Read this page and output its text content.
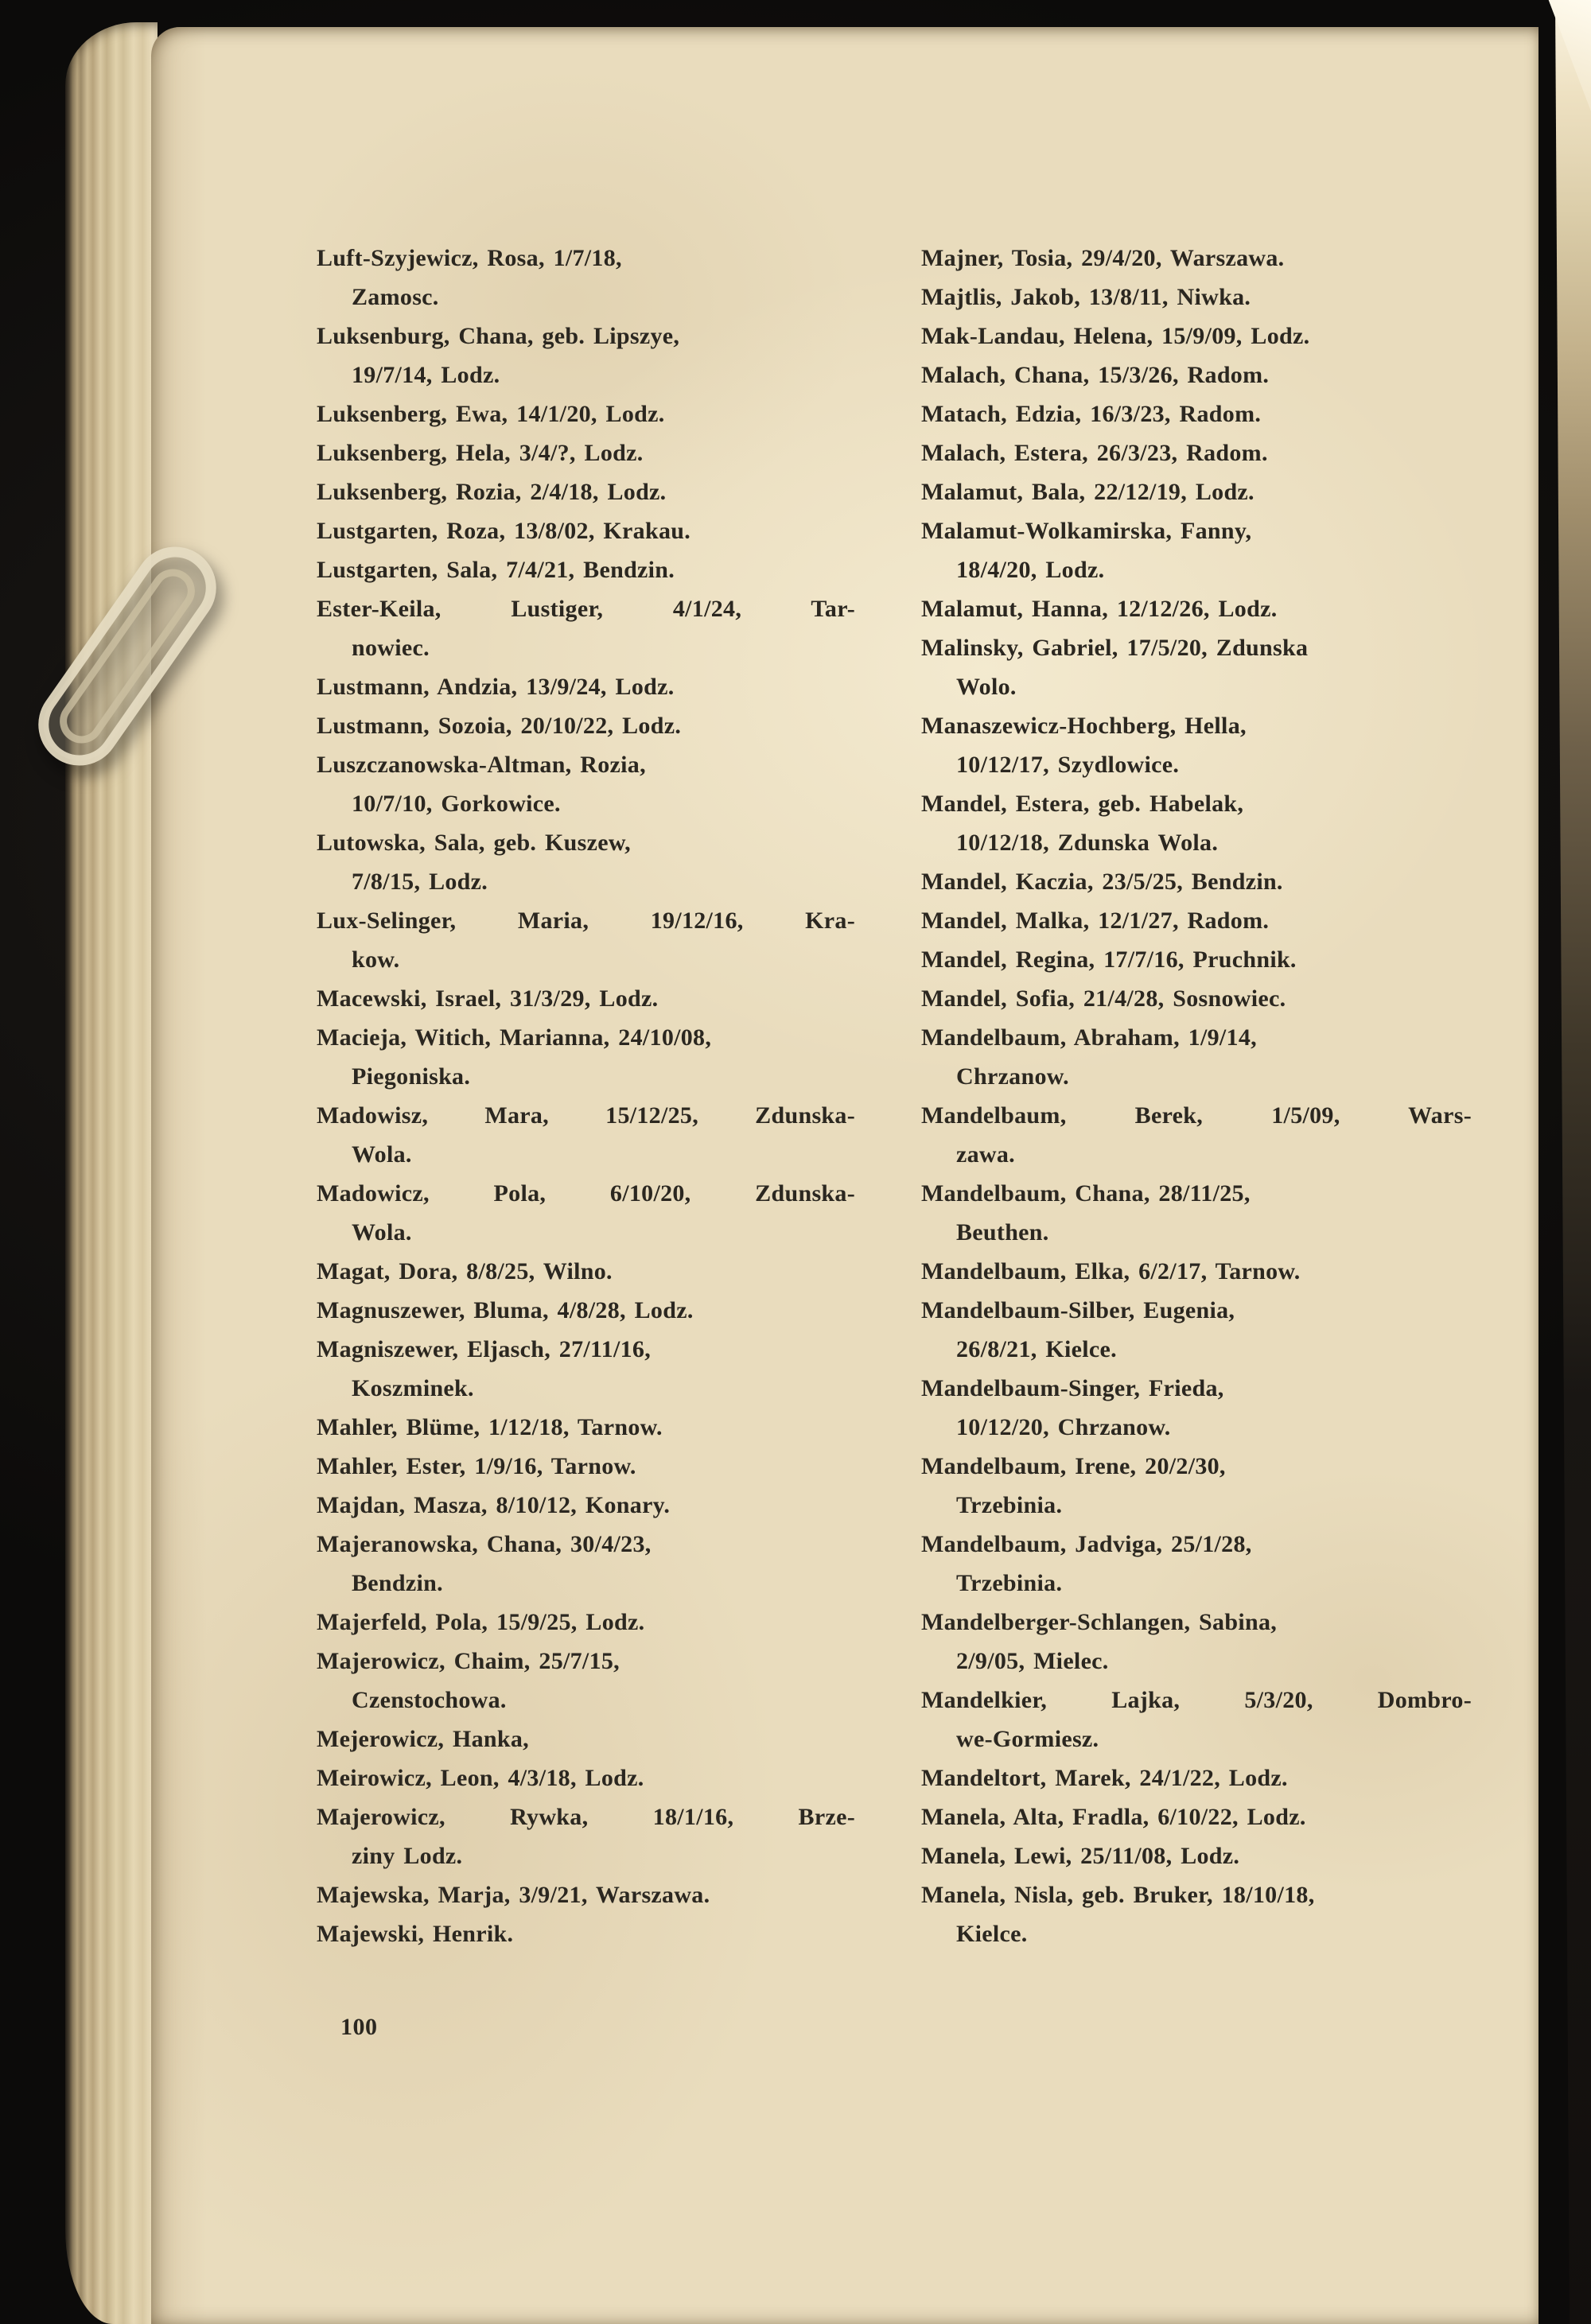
Luft-Szyjewicz, Rosa, 1/7/18,
Zamosc.
Luksenburg, Chana, geb. Lipszye,
19/7/14, Lodz.
Luksenberg, Ewa, 14/1/20, Lodz.
Luksenberg, Hela, 3/4/?, Lodz.
Luksenberg, Rozia, 2/4/18, Lodz.
Lustgarten, Roza, 13/8/02, Krakau.
Lustgarten, Sala, 7/4/21, Bendzin.
Ester-Keila, Lustiger, 4/1/24, Tar-
nowiec.
Lustmann, Andzia, 13/9/24, Lodz.
Lustmann, Sozoia, 20/10/22, Lodz.
Luszczanowska-Altman, Rozia,
10/7/10, Gorkowice.
Lutowska, Sala, geb. Kuszew,
7/8/15, Lodz.
Lux-Selinger, Maria, 19/12/16, Kra-
kow.
Macewski, Israel, 31/3/29, Lodz.
Macieja, Witich, Marianna, 24/10/08,
Piegoniska.
Madowisz, Mara, 15/12/25, Zdunska-
Wola.
Madowicz, Pola, 6/10/20, Zdunska-
Wola.
Magat, Dora, 8/8/25, Wilno.
Magnuszewer, Bluma, 4/8/28, Lodz.
Magniszewer, Eljasch, 27/11/16,
Koszminek.
Mahler, Blüme, 1/12/18, Tarnow.
Mahler, Ester, 1/9/16, Tarnow.
Majdan, Masza, 8/10/12, Konary.
Majeranowska, Chana, 30/4/23,
Bendzin.
Majerfeld, Pola, 15/9/25, Lodz.
Majerowicz, Chaim, 25/7/15,
Czenstochowa.
Mejerowicz, Hanka,
Meirowicz, Leon, 4/3/18, Lodz.
Majerowicz, Rywka, 18/1/16, Brze-
ziny Lodz.
Majewska, Marja, 3/9/21, Warszawa.
Majewski, Henrik.
Majner, Tosia, 29/4/20, Warszawa.
Majtlis, Jakob, 13/8/11, Niwka.
Mak-Landau, Helena, 15/9/09, Lodz.
Malach, Chana, 15/3/26, Radom.
Matach, Edzia, 16/3/23, Radom.
Malach, Estera, 26/3/23, Radom.
Malamut, Bala, 22/12/19, Lodz.
Malamut-Wolkamirska, Fanny,
18/4/20, Lodz.
Malamut, Hanna, 12/12/26, Lodz.
Malinsky, Gabriel, 17/5/20, Zdunska
Wolo.
Manaszewicz-Hochberg, Hella,
10/12/17, Szydlowice.
Mandel, Estera, geb. Habelak,
10/12/18, Zdunska Wola.
Mandel, Kaczia, 23/5/25, Bendzin.
Mandel, Malka, 12/1/27, Radom.
Mandel, Regina, 17/7/16, Pruchnik.
Mandel, Sofia, 21/4/28, Sosnowiec.
Mandelbaum, Abraham, 1/9/14,
Chrzanow.
Mandelbaum, Berek, 1/5/09, Wars-
zawa.
Mandelbaum, Chana, 28/11/25,
Beuthen.
Mandelbaum, Elka, 6/2/17, Tarnow.
Mandelbaum-Silber, Eugenia,
26/8/21, Kielce.
Mandelbaum-Singer, Frieda,
10/12/20, Chrzanow.
Mandelbaum, Irene, 20/2/30,
Trzebinia.
Mandelbaum, Jadviga, 25/1/28,
Trzebinia.
Mandelberger-Schlangen, Sabina,
2/9/05, Mielec.
Mandelkier, Lajka, 5/3/20, Dombro-
we-Gormiesz.
Mandeltort, Marek, 24/1/22, Lodz.
Manela, Alta, Fradla, 6/10/22, Lodz.
Manela, Lewi, 25/11/08, Lodz.
Manela, Nisla, geb. Bruker, 18/10/18,
Kielce.
100
